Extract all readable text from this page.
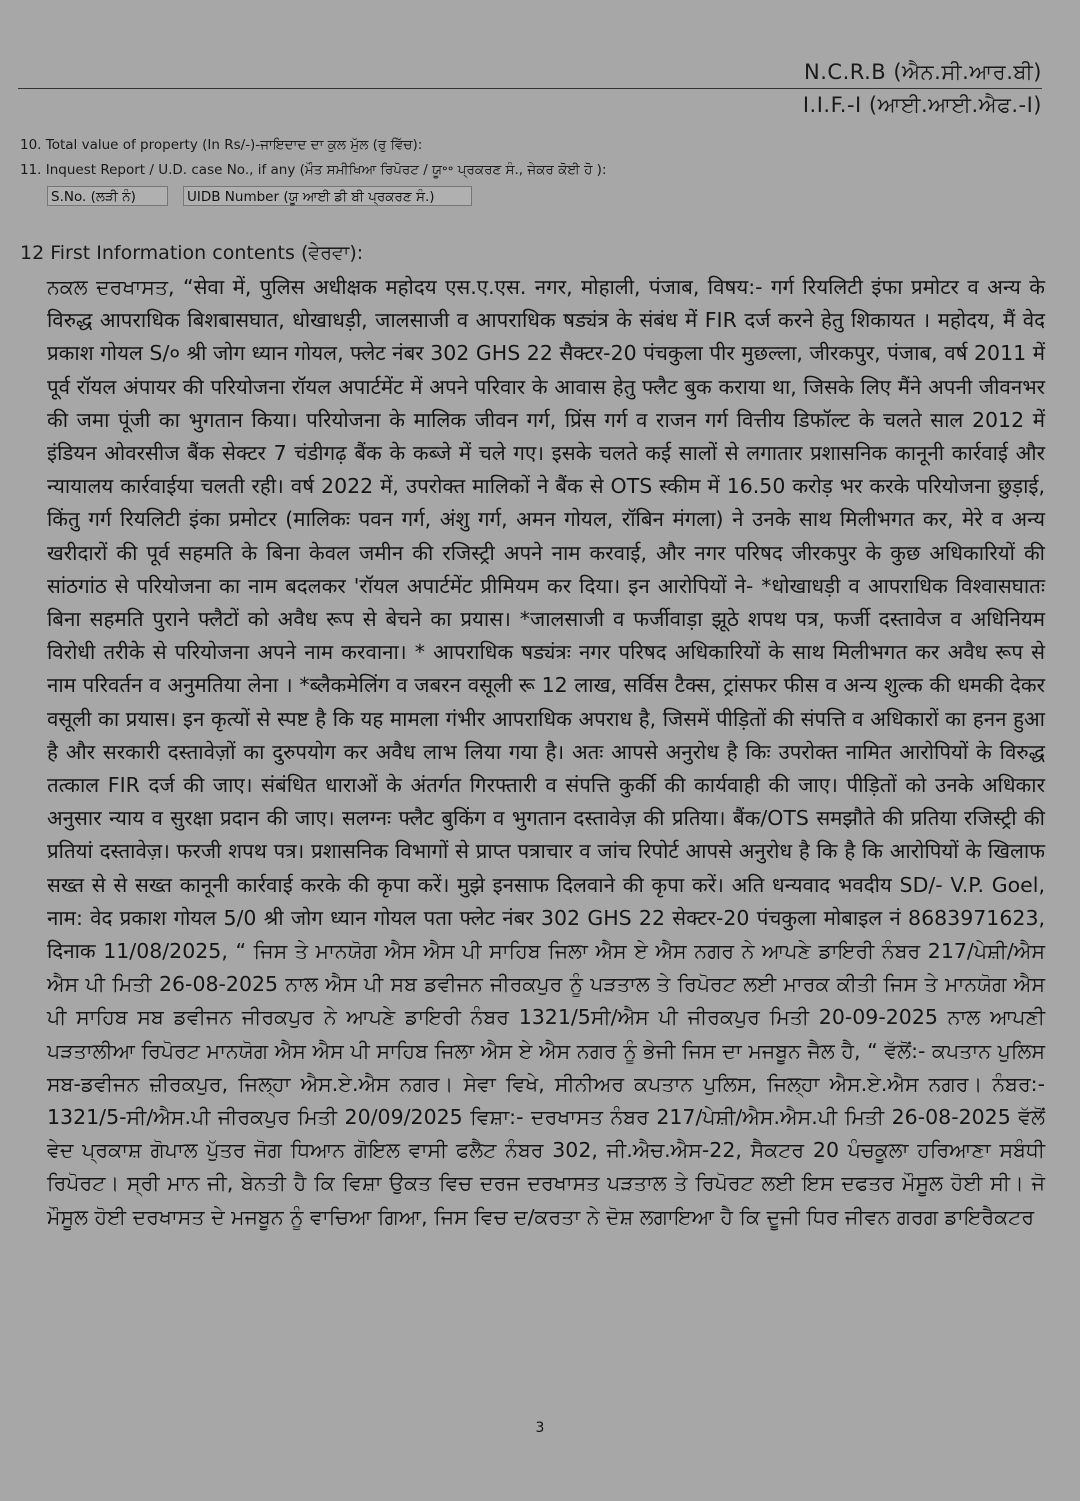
N.C.R.B (ਐਨ.ਸੀ.ਆਰ.ਬੀ)
I.I.F.-I (ਆਈ.ਆਈ.ਐਫ.-I)
10. Total value of property (In Rs/-)-ਜਾਇਦਾਦ ਦਾ ਕੁਲ ਮੁੱਲ (ਰੁ ਵਿੱਚ):
11. Inquest Report / U.D. case No., if any (ਮੌਤ ਸਮੀਖਿਆ ਰਿਪੋਰਟ / ਯੂ॰॰ ਪ੍ਰਕਰਣ ਸੰ., ਜੇਕਰ ਕੋਈ ਹੋ ):
S.No. (ਲੜੀ ਨੰ)	UIDB Number (ਯੂ ਆਈ ਡੀ ਬੀ ਪ੍ਰਕਰਣ ਸੰ.)
12 First Information contents (ਵੇਰਵਾ):

ਨਕਲ ਦਰਖਾਸਤ, “सेवा में, पुलिस अधीक्षक महोदय एस.ए.एस. नगर, मोहाली, पंजाब, विषय:- गर्ग रियलिटी इंफा प्रमोटर व अन्य के विरुद्ध आपराधिक बिशबासघात, धोखाधड़ी, जालसाजी व आपराधिक षड्यंत्र के संबंध में FIR दर्ज करने हेतु शिकायत । महोदय, मैं वेद प्रकाश गोयल S/० श्री जोग ध्यान गोयल, फ्लेट नंबर 302 GHS 22 सैक्टर-20 पंचकुला पीर मुछल्ला, जीरकपुर, पंजाब, वर्ष 2011 में पूर्व रॉयल अंपायर की परियोजना रॉयल अपार्टमेंट में अपने परिवार के आवास हेतु फ्लैट बुक कराया था, जिसके लिए मैंने अपनी जीवनभर की जमा पूंजी का भुगतान किया। परियोजना के मालिक जीवन गर्ग, प्रिंस गर्ग व राजन गर्ग वित्तीय डिफॉल्ट के चलते साल 2012 में इंडियन ओवरसीज बैंक सेक्टर 7 चंडीगढ़ बैंक के कब्जे में चले गए। इसके चलते कई सालों से लगातार प्रशासनिक कानूनी कार्रवाई और न्यायालय कार्रवाईया चलती रही। वर्ष 2022 में, उपरोक्त मालिकों ने बैंक से OTS स्कीम में 16.50 करोड़ भर करके परियोजना छुड़ाई, किंतु गर्ग रियलिटी इंका प्रमोटर (मालिकः पवन गर्ग, अंशु गर्ग, अमन गोयल, रॉबिन मंगला) ने उनके साथ मिलीभगत कर, मेरे व अन्य खरीदारों की पूर्व सहमति के बिना केवल जमीन की रजिस्ट्री अपने नाम करवाई, और नगर परिषद जीरकपुर के कुछ अधिकारियों की सांठगांठ से परियोजना का नाम बदलकर 'रॉयल अपार्टमेंट प्रीमियम कर दिया। इन आरोपियों ने- *धोखाधड़ी व आपराधिक विश्वासघातः बिना सहमति पुराने फ्लैटों को अवैध रूप से बेचने का प्रयास। *जालसाजी व फर्जीवाड़ा झूठे शपथ पत्र, फर्जी दस्तावेज व अधिनियम विरोधी तरीके से परियोजना अपने नाम करवाना। * आपराधिक षड्यंत्रः नगर परिषद अधिकारियों के साथ मिलीभगत कर अवैध रूप से नाम परिवर्तन व अनुमतिया लेना । *ब्लैकमेलिंग व जबरन वसूली रू 12 लाख, सर्विस टैक्स, ट्रांसफर फीस व अन्य शुल्क की धमकी देकर वसूली का प्रयास। इन कृत्यों से स्पष्ट है कि यह मामला गंभीर आपराधिक अपराध है, जिसमें पीड़ितों की संपत्ति व अधिकारों का हनन हुआ है और सरकारी दस्तावेज़ों का दुरुपयोग कर अवैध लाभ लिया गया है। अतः आपसे अनुरोध है किः उपरोक्त नामित आरोपियों के विरुद्ध तत्काल FIR दर्ज की जाए। संबंधित धाराओं के अंतर्गत गिरफ्तारी व संपत्ति कुर्की की कार्यवाही की जाए। पीड़ितों को उनके अधिकार अनुसार न्याय व सुरक्षा प्रदान की जाए। सलग्नः फ्लैट बुकिंग व भुगतान दस्तावेज़ की प्रतिया। बैंक/OTS समझौते की प्रतिया रजिस्ट्री की प्रतियां दस्तावेज़। फरजी शपथ पत्र। प्रशासनिक विभागों से प्राप्त पत्राचार व जांच रिपोर्ट आपसे अनुरोध है कि है कि आरोपियों के खिलाफ सख्त से से सख्त कानूनी कार्रवाई करके की कृपा करें। मुझे इनसाफ दिलवाने की कृपा करें। अति धन्यवाद भवदीय SD/- V.P. Goel, नाम: वेद प्रकाश गोयल 5/0 श्री जोग ध्यान गोयल पता फ्लेट नंबर 302 GHS 22 सेक्टर-20 पंचकुला मोबाइल नं 8683971623, दिनाक 11/08/2025, “ ਜਿਸ ਤੇ ਮਾਨਯੋਗ ਐਸ ਐਸ ਪੀ ਸਾਹਿਬ ਜਿਲਾ ਐਸ ਏ ਐਸ ਨਗਰ ਨੇ ਆਪਣੇ ਡਾਇਰੀ ਨੰਬਰ 217/ਪੇਸ਼ੀ/ਐਸ ਐਸ ਪੀ ਮਿਤੀ 26-08-2025 ਨਾਲ ਐਸ ਪੀ ਸਬ ਡਵੀਜਨ ਜੀਰਕਪੁਰ ਨੂੰ ਪੜਤਾਲ ਤੇ ਰਿਪੋਰਟ ਲਈ ਮਾਰਕ ਕੀਤੀ ਜਿਸ ਤੇ ਮਾਨਯੋਗ ਐਸ ਪੀ ਸਾਹਿਬ ਸਬ ਡਵੀਜਨ ਜੀਰਕਪੁਰ ਨੇ ਆਪਣੇ ਡਾਇਰੀ ਨੰਬਰ 1321/5ਸੀ/ਐਸ ਪੀ ਜੀਰਕਪੁਰ ਮਿਤੀ 20-09-2025 ਨਾਲ ਆਪਣੀ ਪੜਤਾਲੀਆ ਰਿਪੋਰਟ ਮਾਨਯੋਗ ਐਸ ਐਸ ਪੀ ਸਾਹਿਬ ਜਿਲਾ ਐਸ ਏ ਐਸ ਨਗਰ ਨੂੰ ਭੇਜੀ ਜਿਸ ਦਾ ਮਜਬੂਨ ਜੈਲ ਹੈ, “ ਵੱਲੋਂ:- ਕਪਤਾਨ ਪੁਲਿਸ ਸਬ-ਡਵੀਜਨ ਜ਼ੀਰਕਪੁਰ, ਜਿਲ੍ਹਾ ਐਸ.ਏ.ਐਸ ਨਗਰ। ਸੇਵਾ ਵਿਖੇ, ਸੀਨੀਅਰ ਕਪਤਾਨ ਪੁਲਿਸ, ਜਿਲ੍ਹਾ ਐਸ.ਏ.ਐਸ ਨਗਰ। ਨੰਬਰ:- 1321/5-ਸੀ/ਐਸ.ਪੀ ਜੀਰਕਪੁਰ ਮਿਤੀ 20/09/2025 ਵਿਸ਼ਾ:- ਦਰਖਾਸਤ ਨੰਬਰ 217/ਪੇਸ਼ੀ/ਐਸ.ਐਸ.ਪੀ ਮਿਤੀ 26-08-2025 ਵੱਲੋਂ ਵੇਦ ਪ੍ਰਕਾਸ਼ ਗੋਪਾਲ ਪੁੱਤਰ ਜੋਗ ਧਿਆਨ ਗੋਇਲ ਵਾਸੀ ਫਲੈਟ ਨੰਬਰ 302, ਜੀ.ਐਚ.ਐਸ-22, ਸੈਕਟਰ 20 ਪੰਚਕੂਲਾ ਹਰਿਆਣਾ ਸਬੰਧੀ ਰਿਪੋਰਟ। ਸ੍ਰੀ ਮਾਨ ਜੀ, ਬੇਨਤੀ ਹੈ ਕਿ ਵਿਸ਼ਾ ਉਕਤ ਵਿਚ ਦਰਜ ਦਰਖਾਸਤ ਪੜਤਾਲ ਤੇ ਰਿਪੋਰਟ ਲਈ ਇਸ ਦਫਤਰ ਮੌਸੂਲ ਹੋਈ ਸੀ। ਜੋ ਮੌਸੂਲ ਹੋਈ ਦਰਖਾਸਤ ਦੇ ਮਜਬੂਨ ਨੂੰ ਵਾਚਿਆ ਗਿਆ, ਜਿਸ ਵਿਚ ਦ/ਕਰਤਾ ਨੇ ਦੋਸ਼ ਲਗਾਇਆ ਹੈ ਕਿ ਦੂਜੀ ਧਿਰ ਜੀਵਨ ਗਰਗ ਡਾਇਰੈਕਟਰ

3
